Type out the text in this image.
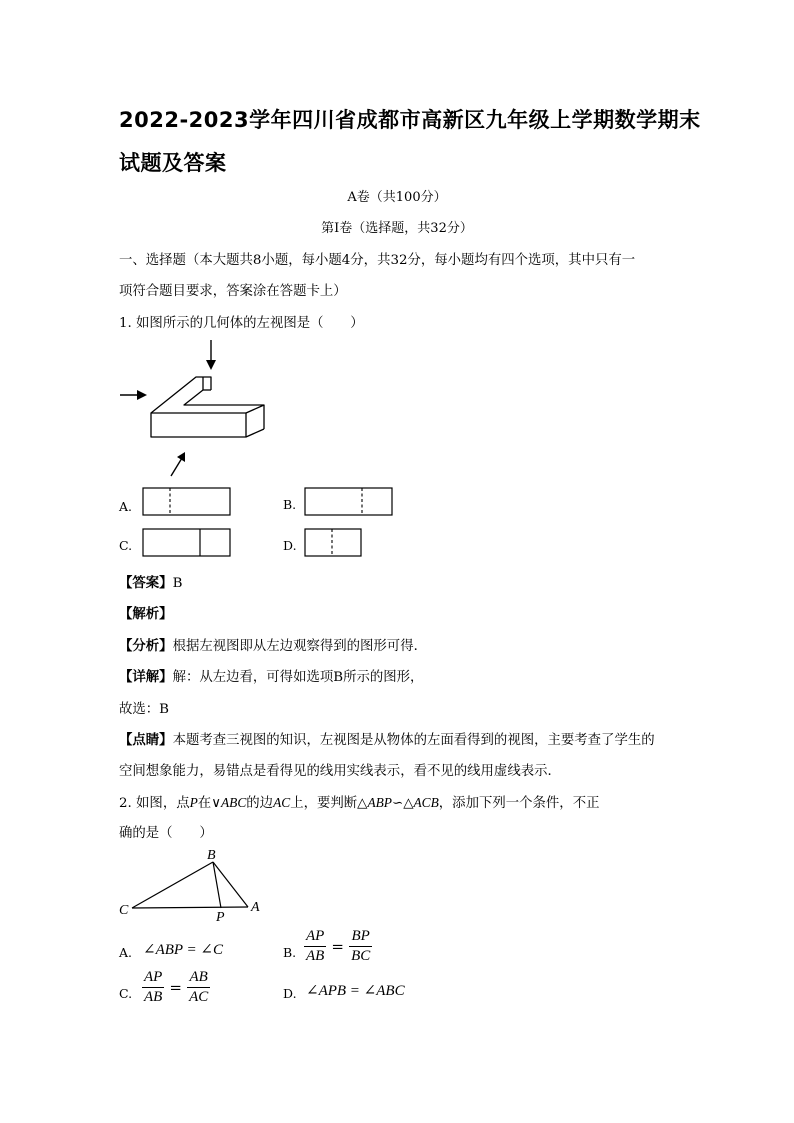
2022-2023学年四川省成都市高新区九年级上学期数学期末
试题及答案
A卷（共100分）
第Ⅰ卷（选择题，共32分）
一、选择题（本大题共8小题，每小题4分，共32分，每小题均有四个选项，其中只有一
项符合题目要求，答案涂在答题卡上）
1. 如图所示的几何体的左视图是（　　）
A.	B.
C.	D.
【答案】B
【解析】
【分析】根据左视图即从左边观察得到的图形可得．
【详解】解：从左边看，可得如选项B所示的图形，
故选：B
【点睛】本题考查三视图的知识，左视图是从物体的左面看得到的视图，主要考查了学生的
空间想象能力，易错点是看得见的线用实线表示，看不见的线用虚线表示．
2. 如图，点P在∨ABC的边AC上，要判断△ABP∽△ACB，添加下列一个条件，不正
确的是（　　）
B
C	P
A
A. ∠ABP = ∠C	B. $\frac{AP}{AB} = \frac{BP}{BC}$
C. $\frac{AP}{AB} = \frac{AB}{AC}$	D. ∠APB = ∠ABC
